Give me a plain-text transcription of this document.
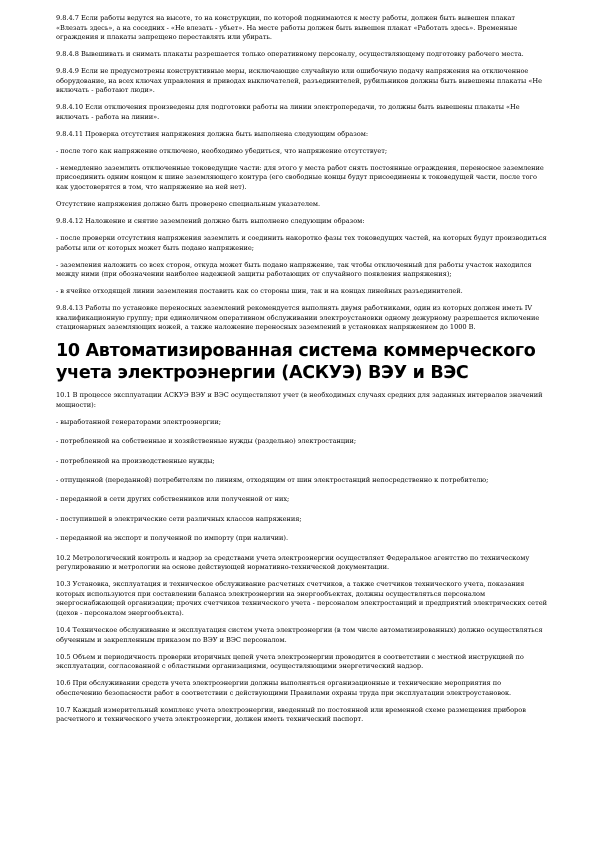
9.8.4.7 Если работы ведутся на высоте, то на конструкции, по которой поднимаются к месту работы, должен быть вывешен плакат «Влезать здесь», а на соседних - «Не влезать - убьет». На месте работы должен быть вывешен плакат «Работать здесь». Временные ограждения и плакаты запрещено переставлять или убирать.

9.8.4.8 Вывешивать и снимать плакаты разрешается только оперативному персоналу, осуществляющему подготовку рабочего места.

9.8.4.9 Если не предусмотрены конструктивные меры, исключающие случайную или ошибочную подачу напряжения на отключенное оборудование, на всех ключах управления и приводах выключателей, разъединителей, рубильников должны быть вывешены плакаты «Не включать - работают люди».

9.8.4.10 Если отключения произведены для подготовки работы на линии электропередачи, то должны быть вывешены плакаты «Не включать - работа на линии».

9.8.4.11 Проверка отсутствия напряжения должна быть выполнена следующим образом:

- после того как напряжение отключено, необходимо убедиться, что напряжение отсутствует;

- немедленно заземлить отключенные токоведущие части: для этого у места работ снять постоянные ограждения, переносное заземление присоединить одним концом к шине заземляющего контура (его свободные концы будут присоединены к токоведущей части, после того как удостоверятся в том, что напряжение на ней нет).

Отсутствие напряжения должно быть проверено специальным указателем.

9.8.4.12 Наложение и снятие заземлений должно быть выполнено следующим образом:

- после проверки отсутствия напряжения заземлить и соединить накоротко фазы тех токоведущих частей, на которых будут производиться работы или от которых может быть подано напряжение;

- заземления наложить со всех сторон, откуда может быть подано напряжение, так чтобы отключенный для работы участок находился между ними (при обозначении наиболее надежной защиты работающих от случайного появления напряжения);

- в ячейке отходящей линии заземления поставить как со стороны шин, так и на концах линейных разъединителей.

9.8.4.13 Работы по установке переносных заземлений рекомендуется выполнять двумя работниками, один из которых должен иметь IV квалификационную группу; при единоличном оперативном обслуживании электроустановки одному дежурному разрешается включение стационарных заземляющих ножей, а также наложение переносных заземлений в установках напряжением до 1000 В.

10 Автоматизированная система коммерческого учета электроэнергии (АСКУЭ) ВЭУ и ВЭС

10.1 В процессе эксплуатации АСКУЭ ВЭУ и ВЭС осуществляют учет (в необходимых случаях средних для заданных интервалов значений мощности):

- выработанной генераторами электроэнергии;

- потребленной на собственные и хозяйственные нужды (раздельно) электростанции;

- потребленной на производственные нужды;

- отпущенной (переданной) потребителям по линиям, отходящим от шин электростанций непосредственно к потребителю;

- переданной в сети других собственников или полученной от них;

- поступившей в электрические сети различных классов напряжения;

- переданной на экспорт и полученной по импорту (при наличии).

10.2 Метрологический контроль и надзор за средствами учета электроэнергии осуществляет Федеральное агентство по техническому регулированию и метрологии на основе действующей нормативно-технической документации.

10.3 Установка, эксплуатация и техническое обслуживание расчетных счетчиков, а также счетчиков технического учета, показания которых используются при составлении баланса электроэнергии на энергообъектах, должны осуществляться персоналом энергоснабжающей организации; прочих счетчиков технического учета - персоналом электростанций и предприятий электрических сетей (цехов - персоналом энергообъекта).

10.4 Техническое обслуживание и эксплуатация систем учета электроэнергии (в том числе автоматизированных) должно осуществляться обученным и закрепленным приказом по ВЭУ и ВЭС персоналом.

10.5 Объем и периодичность проверки вторичных цепей учета электроэнергии проводится в соответствии с местной инструкцией по эксплуатации, согласованной с областными организациями, осуществляющими энергетический надзор.

10.6 При обслуживании средств учета электроэнергии должны выполняться организационные и технические мероприятия по обеспечению безопасности работ в соответствии с действующими Правилами охраны труда при эксплуатации электроустановок.

10.7 Каждый измерительный комплекс учета электроэнергии, введенный по постоянной или временной схеме размещения приборов расчетного и технического учета электроэнергии, должен иметь технический паспорт.
